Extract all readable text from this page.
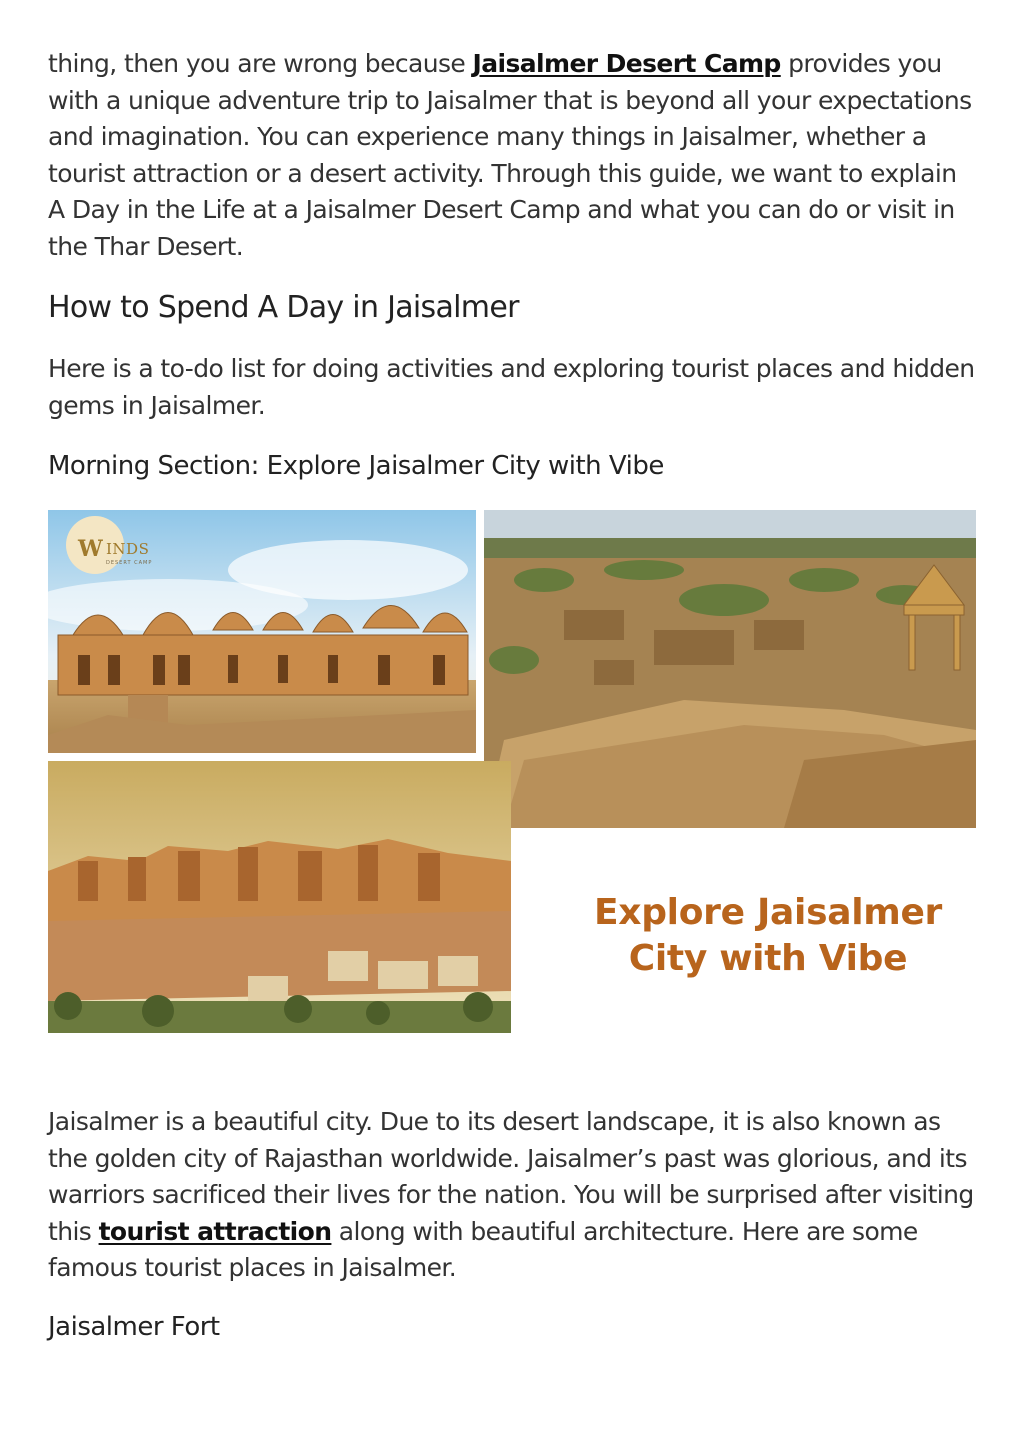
thing, then you are wrong because Jaisalmer Desert Camp provides you with a unique adventure trip to Jaisalmer that is beyond all your expectations and imagination. You can experience many things in Jaisalmer, whether a tourist attraction or a desert activity. Through this guide, we want to explain A Day in the Life at a Jaisalmer Desert Camp and what you can do or visit in the Thar Desert.

How to Spend A Day in Jaisalmer

Here is a to-do list for doing activities and exploring tourist places and hidden gems in Jaisalmer.

Morning Section: Explore Jaisalmer City with Vibe
W INDS
DESERT CAMP
Explore Jaisalmer
City with Vibe

Jaisalmer is a beautiful city. Due to its desert landscape, it is also known as the golden city of Rajasthan worldwide. Jaisalmer’s past was glorious, and its warriors sacrificed their lives for the nation. You will be surprised after visiting this tourist attraction along with beautiful architecture. Here are some famous tourist places in Jaisalmer.

Jaisalmer Fort
